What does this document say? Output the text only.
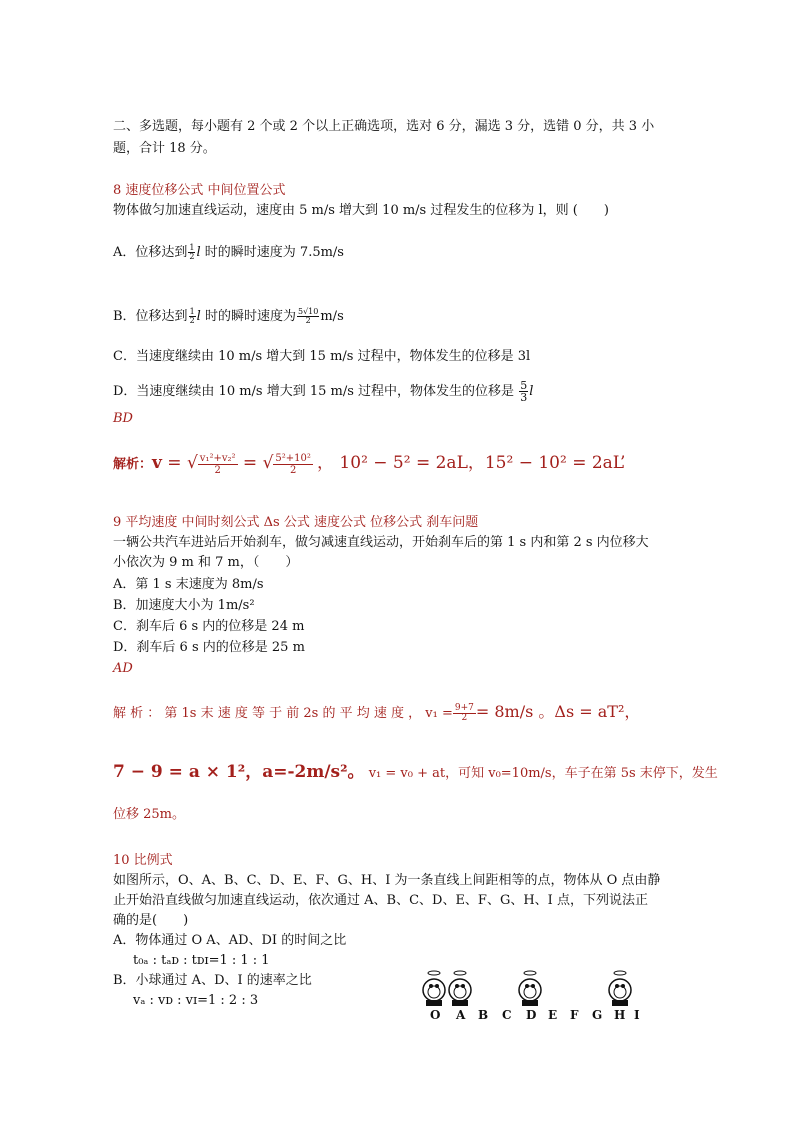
二、多选题，每小题有 2 个或 2 个以上正确选项，选对 6 分，漏选 3 分，选错 0 分，共 3 小
题，合计 18 分。
8 速度位移公式 中间位置公式
物体做匀加速直线运动，速度由 5 m/s 增大到 10 m/s 过程发生的位移为 l，则 (　　)
A．位移达到 $\frac{1}{2}$ l 时的瞬时速度为 7.5m/s
B．位移达到 $\frac{1}{2}$ l 时的瞬时速度为 $\frac{5√10}{2} m/s$
C．当速度继续由 10 m/s 增大到 15 m/s 过程中，物体发生的位移是 3l
D．当速度继续由 10 m/s 增大到 15 m/s 过程中，物体发生的位移是 $\frac{5}{3}$ l
BD
解析：v = √ $\frac{\text{v₁²+v₂²}}{2}$ = √ $\frac{\text{5²+10²}}{2}$ ， 10² − 5² = 2aL，15² − 10² = 2aL’
9 平均速度 中间时刻公式 Δs 公式 速度公式 位移公式 刹车问题
一辆公共汽车进站后开始刹车，做匀减速直线运动，开始刹车后的第 1 s 内和第 2 s 内位移大
小依次为 9 m 和 7 m，（　　）
A．第 1 s 末速度为 8m/s
B．加速度大小为 1m/s²
C．刹车后 6 s 内的位移是 24 m
D．刹车后 6 s 内的位移是 25 m
AD
解 析 ： 第 1s 末 速 度 等 于 前 2s 的 平 均 速 度 ， $v_1 = \frac{9+7}{2} = 8m/s$ 。Δs = aT²，
7 − 9 = a × 1²，a=-2m/s²。 v₁ = v₀ + at，可知 v₀=10m/s，车子在第 5s 末停下，发生
位移 25m。
10 比例式
如图所示，O、A、B、C、D、E、F、G、H、I 为一条直线上间距相等的点，物体从 O 点由静
止开始沿直线做匀加速直线运动，依次通过 A、B、C、D、E、F、G、H、I 点，下列说法正
确的是(　　)
A．物体通过 O A、AD、DI 的时间之比
t₀ₐ : tₐᴅ : tᴅɪ=1 : 1 : 1
B．小球通过 A、D、I 的速率之比
vₐ : vᴅ : vɪ=1 : 2 : 3
O A B C D E F G H I
